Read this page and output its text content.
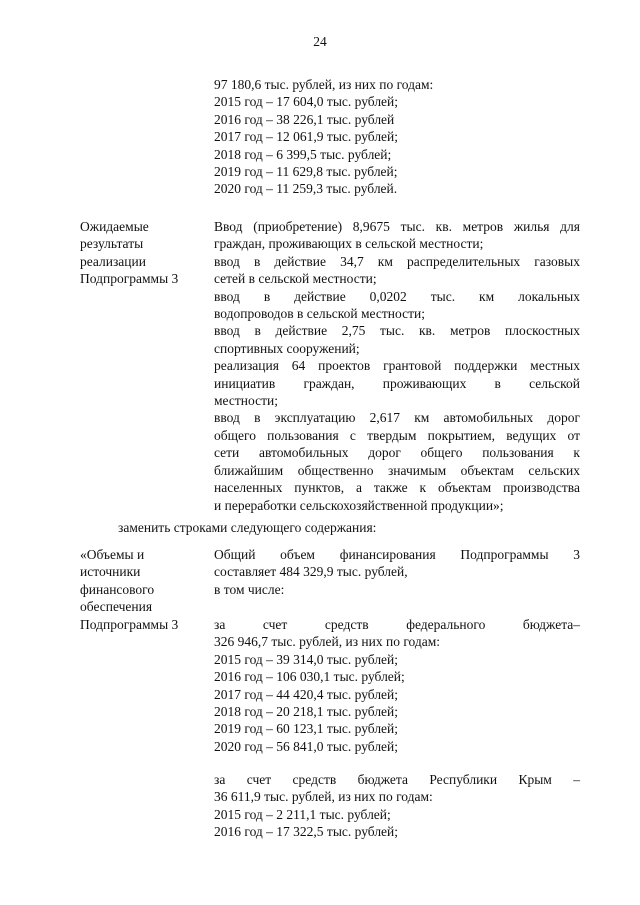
24
97 180,6 тыс. рублей, из них по годам:
2015 год – 17 604,0 тыс. рублей;
2016 год – 38 226,1 тыс. рублей
2017 год – 12 061,9 тыс. рублей;
2018 год – 6 399,5 тыс. рублей;
2019 год – 11 629,8 тыс. рублей;
2020 год – 11 259,3 тыс. рублей.
Ожидаемые
результаты
реализации
Подпрограммы 3
Ввод (приобретение) 8,9675 тыс. кв. метров жилья для
граждан, проживающих в сельской местности;
ввод в действие 34,7 км распределительных газовых
сетей в сельской местности;
ввод в действие 0,0202 тыс. км локальных
водопроводов в сельской местности;
ввод в действие 2,75 тыс. кв. метров плоскостных
спортивных сооружений;
реализация 64 проектов грантовой поддержки местных
инициатив граждан, проживающих в сельской
местности;
ввод в эксплуатацию 2,617 км автомобильных дорог
общего пользования с твердым покрытием, ведущих от
сети автомобильных дорог общего пользования к
ближайшим общественно значимым объектам сельских
населенных пунктов, а также к объектам производства
и переработки сельскохозяйственной продукции»;
заменить строками следующего содержания:
«Объемы и
источники
финансового
обеспечения
Подпрограммы 3
Общий объем финансирования Подпрограммы 3
составляет 484 329,9 тыс. рублей,
в том числе:
за счет средств федерального бюджета–
326 946,7 тыс. рублей, из них по годам:
2015 год – 39 314,0 тыс. рублей;
2016 год – 106 030,1 тыс. рублей;
2017 год – 44 420,4 тыс. рублей;
2018 год – 20 218,1 тыс. рублей;
2019 год – 60 123,1 тыс. рублей;
2020 год – 56 841,0 тыс. рублей;
за счет средств бюджета Республики Крым –
36 611,9 тыс. рублей, из них по годам:
2015 год – 2 211,1 тыс. рублей;
2016 год – 17 322,5 тыс. рублей;
